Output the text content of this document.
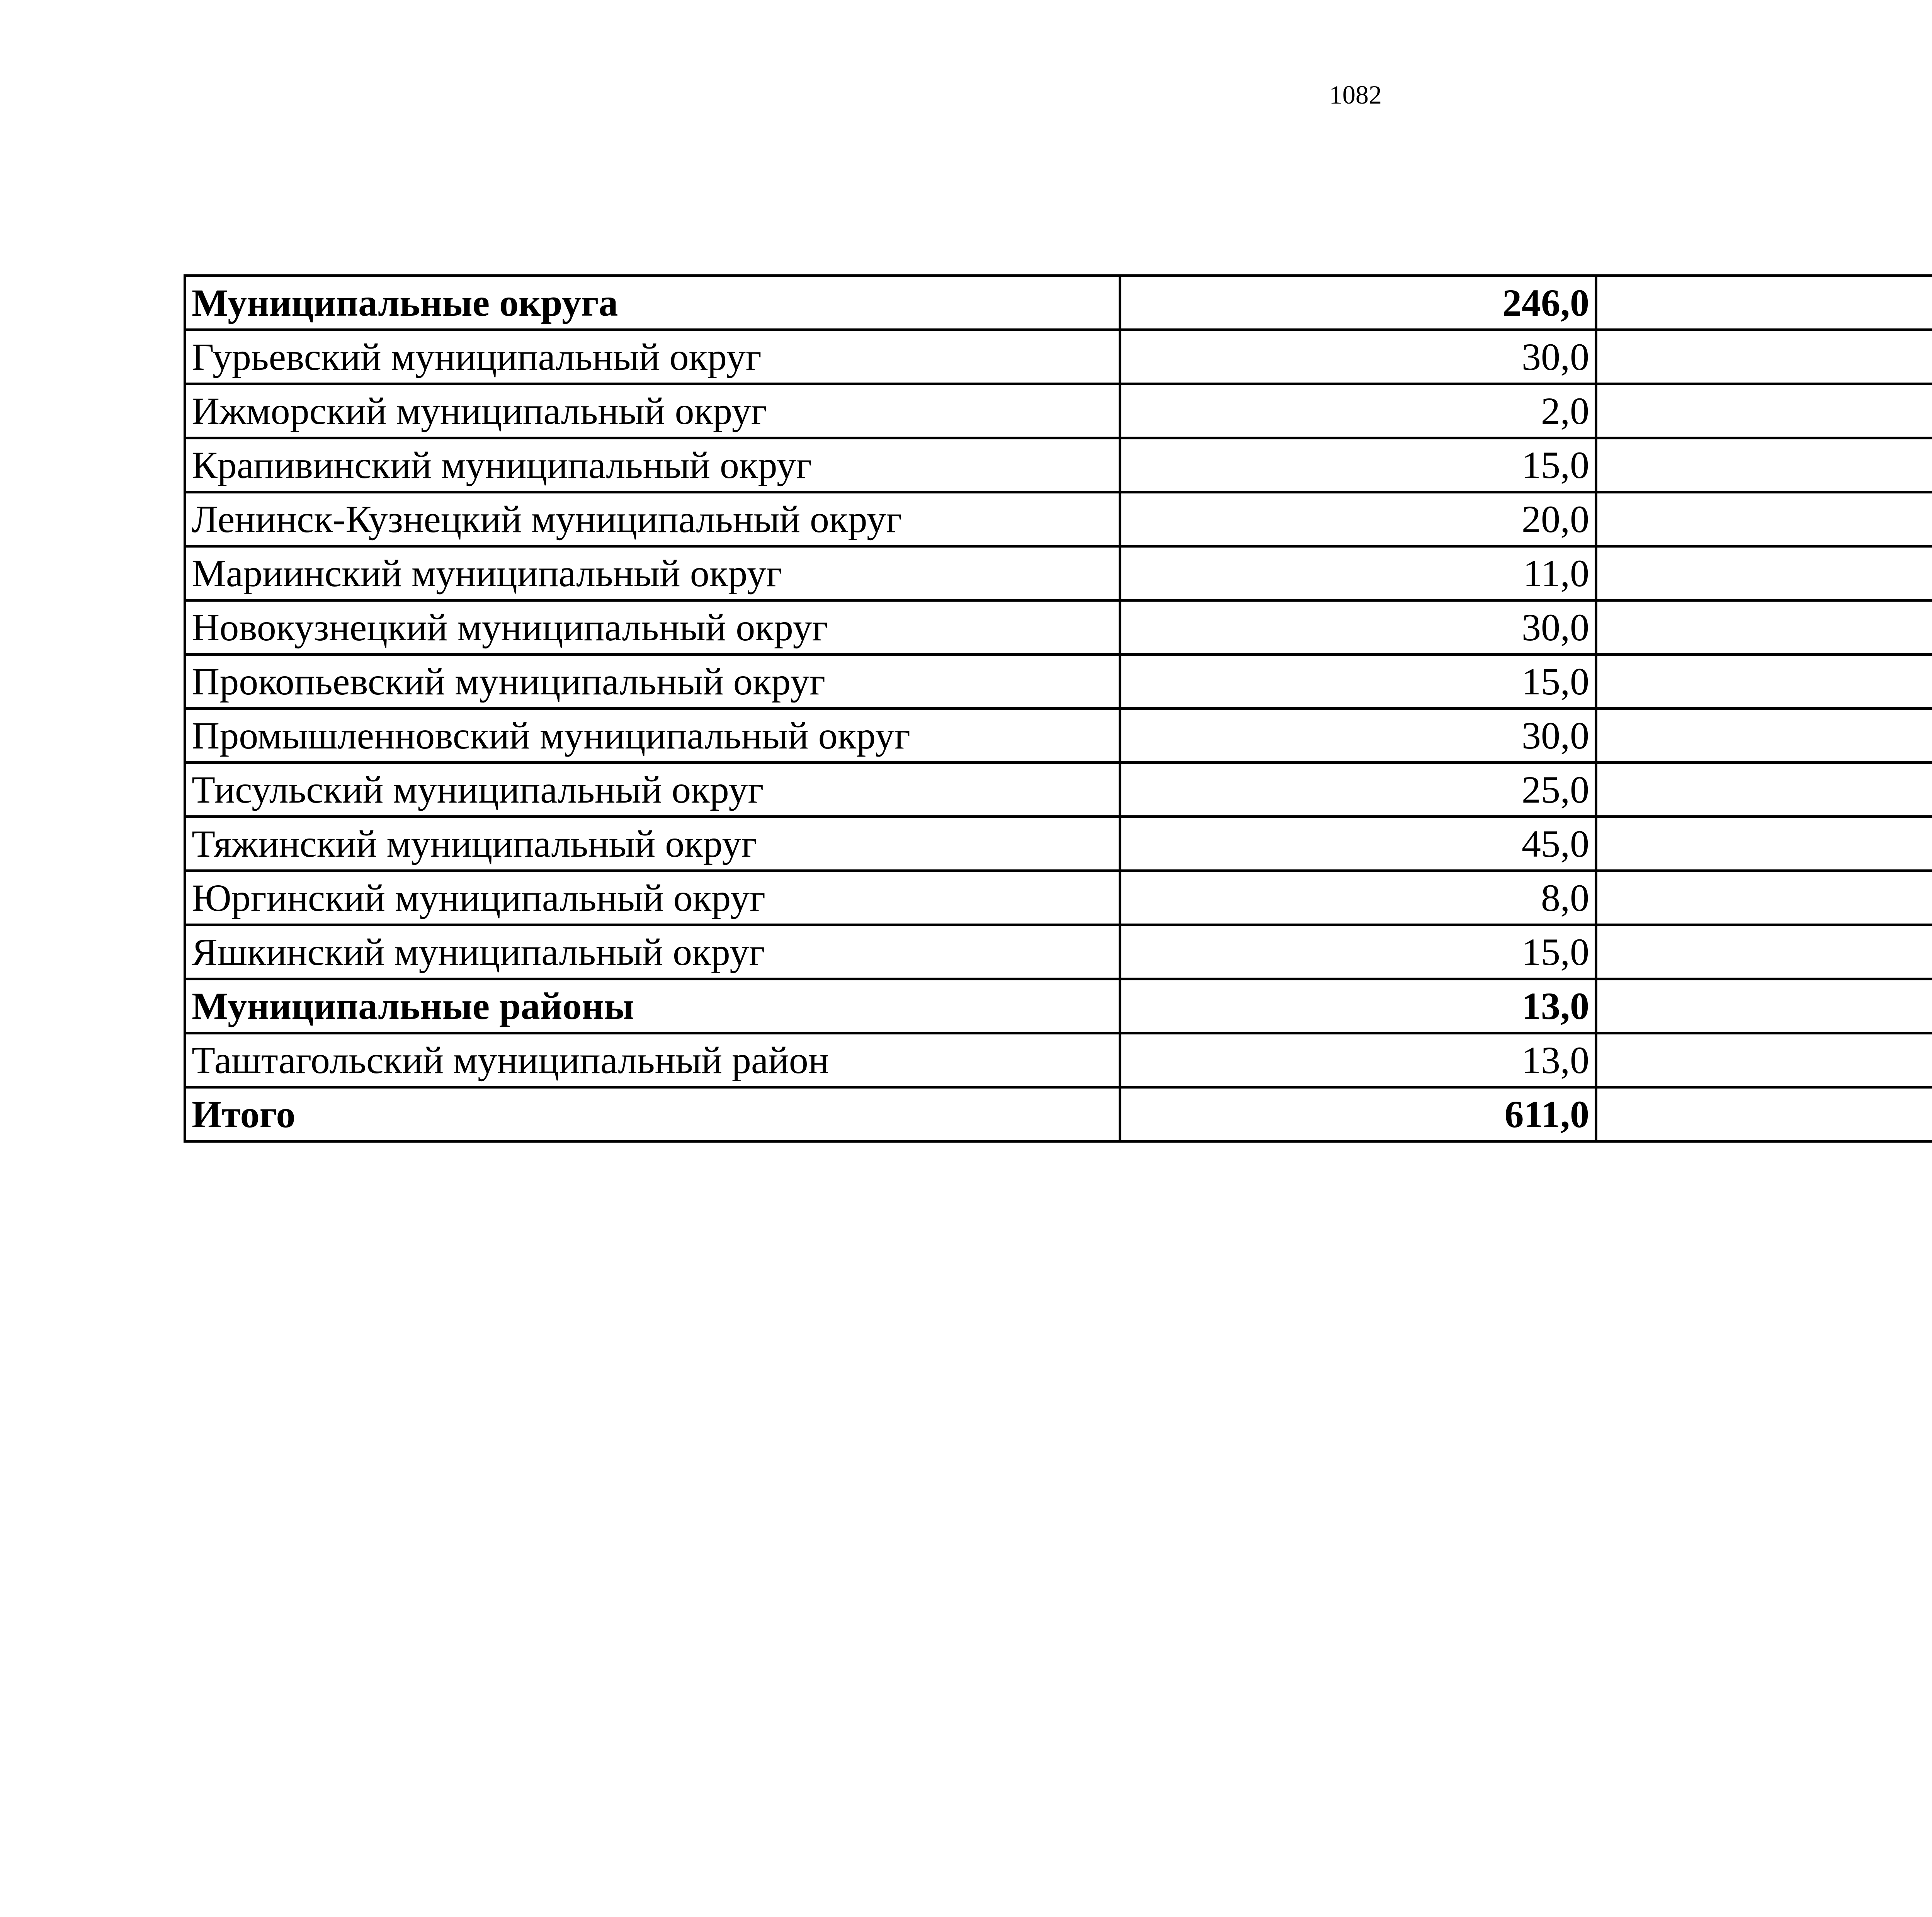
1082
Муниципальные округа	246,0		
Гурьевский муниципальный округ	30,0		
Ижморский муниципальный округ	2,0		
Крапивинский муниципальный округ	15,0		
Ленинск-Кузнецкий муниципальный округ	20,0		
Мариинский муниципальный округ	11,0		
Новокузнецкий муниципальный округ	30,0		
Прокопьевский муниципальный округ	15,0		
Промышленновский муниципальный округ	30,0		
Тисульский муниципальный округ	25,0		
Тяжинский муниципальный округ	45,0		
Юргинский муниципальный округ	8,0		
Яшкинский муниципальный округ	15,0		
Муниципальные районы	13,0		
Таштагольский муниципальный район	13,0		
Итого	611,0		
